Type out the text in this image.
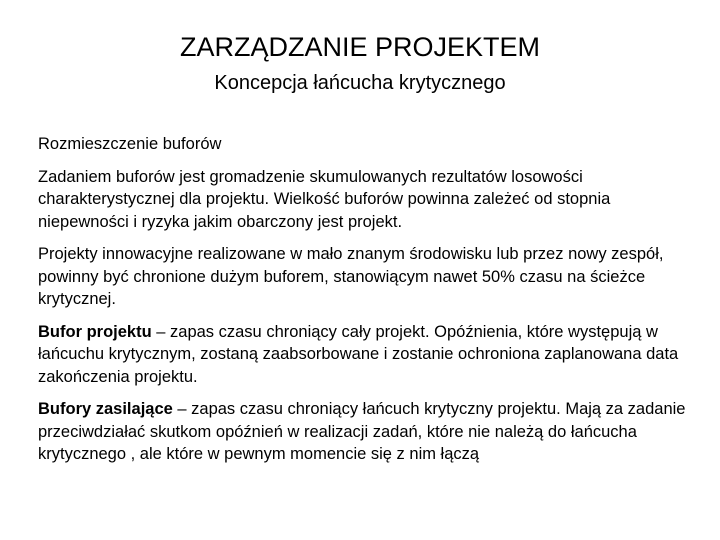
ZARZĄDZANIE PROJEKTEM
Koncepcja łańcucha krytycznego

Rozmieszczenie buforów

Zadaniem buforów jest gromadzenie skumulowanych rezultatów losowości charakterystycznej dla projektu. Wielkość buforów powinna zależeć od stopnia niepewności i ryzyka jakim obarczony jest projekt.

Projekty innowacyjne realizowane w mało znanym środowisku lub przez nowy zespół, powinny być chronione dużym buforem, stanowiącym nawet 50% czasu na ścieżce krytycznej.

Bufor projektu – zapas czasu chroniący cały projekt. Opóźnienia, które występują w łańcuchu krytycznym, zostaną zaabsorbowane i zostanie ochroniona zaplanowana data zakończenia projektu.

Bufory zasilające – zapas czasu chroniący łańcuch krytyczny projektu. Mają za zadanie przeciwdziałać skutkom opóźnień w realizacji zadań, które nie należą do łańcucha krytycznego , ale które w pewnym momencie się z nim łączą
